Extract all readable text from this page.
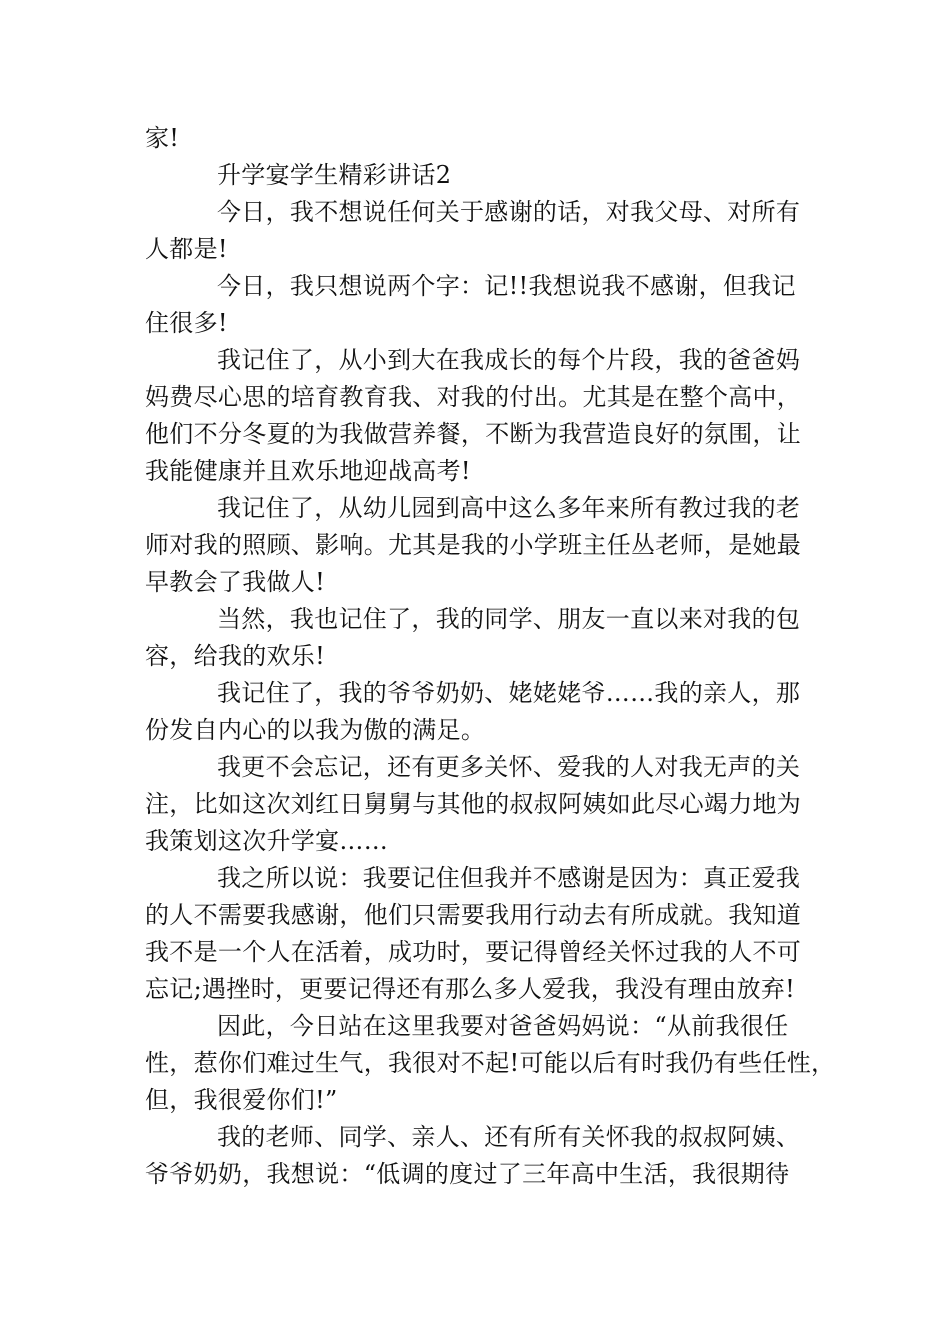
家!
升学宴学生精彩讲话2
今日，我不想说任何关于感谢的话，对我父母、对所有
人都是!
今日，我只想说两个字：记!!我想说我不感谢，但我记
住很多!
我记住了，从小到大在我成长的每个片段，我的爸爸妈
妈费尽心思的培育教育我、对我的付出。尤其是在整个高中，
他们不分冬夏的为我做营养餐，不断为我营造良好的氛围，让
我能健康并且欢乐地迎战高考!
我记住了，从幼儿园到高中这么多年来所有教过我的老
师对我的照顾、影响。尤其是我的小学班主任丛老师，是她最
早教会了我做人!
当然，我也记住了，我的同学、朋友一直以来对我的包
容，给我的欢乐!
我记住了，我的爷爷奶奶、姥姥姥爷……我的亲人，那
份发自内心的以我为傲的满足。
我更不会忘记，还有更多关怀、爱我的人对我无声的关
注，比如这次刘红日舅舅与其他的叔叔阿姨如此尽心竭力地为
我策划这次升学宴……
我之所以说：我要记住但我并不感谢是因为：真正爱我
的人不需要我感谢，他们只需要我用行动去有所成就。我知道
我不是一个人在活着，成功时，要记得曾经关怀过我的人不可
忘记;遇挫时，更要记得还有那么多人爱我，我没有理由放弃!
因此，今日站在这里我要对爸爸妈妈说：“从前我很任
性，惹你们难过生气，我很对不起!可能以后有时我仍有些任性，
但，我很爱你们!”
我的老师、同学、亲人、还有所有关怀我的叔叔阿姨、
爷爷奶奶，我想说：“低调的度过了三年高中生活，我很期待
